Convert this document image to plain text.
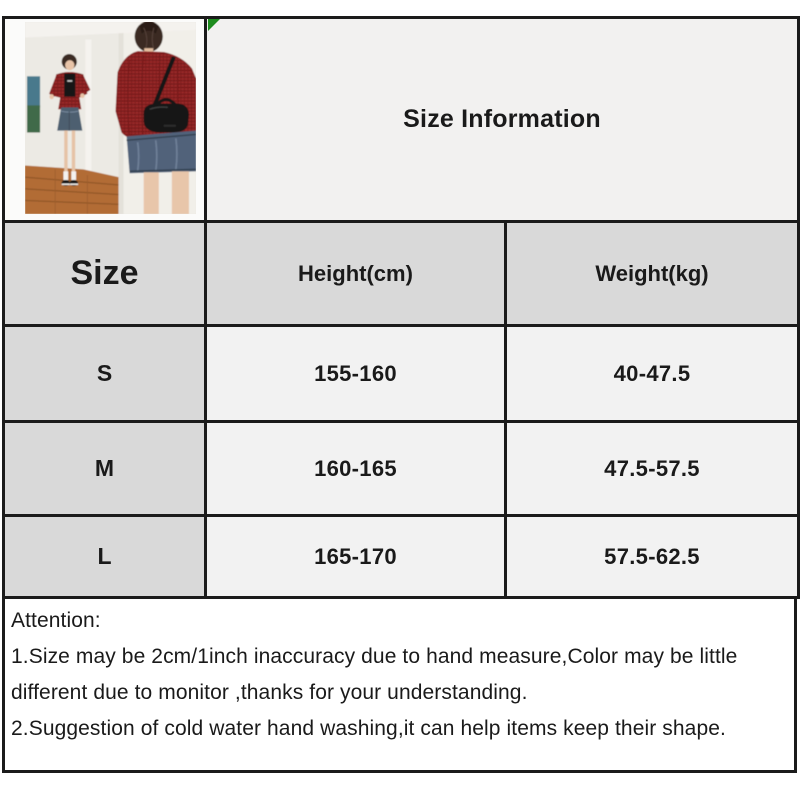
Size Information	
Size	Height(cm)	Weight(kg)
S	155-160	40-47.5
M	160-165	47.5-57.5
L	165-170	57.5-62.5
Attention:
1.Size may be 2cm/1inch inaccuracy due to hand measure,Color may be little different due to monitor ,thanks for your understanding.
2.Suggestion of cold water hand washing,it can help items keep their shape.
